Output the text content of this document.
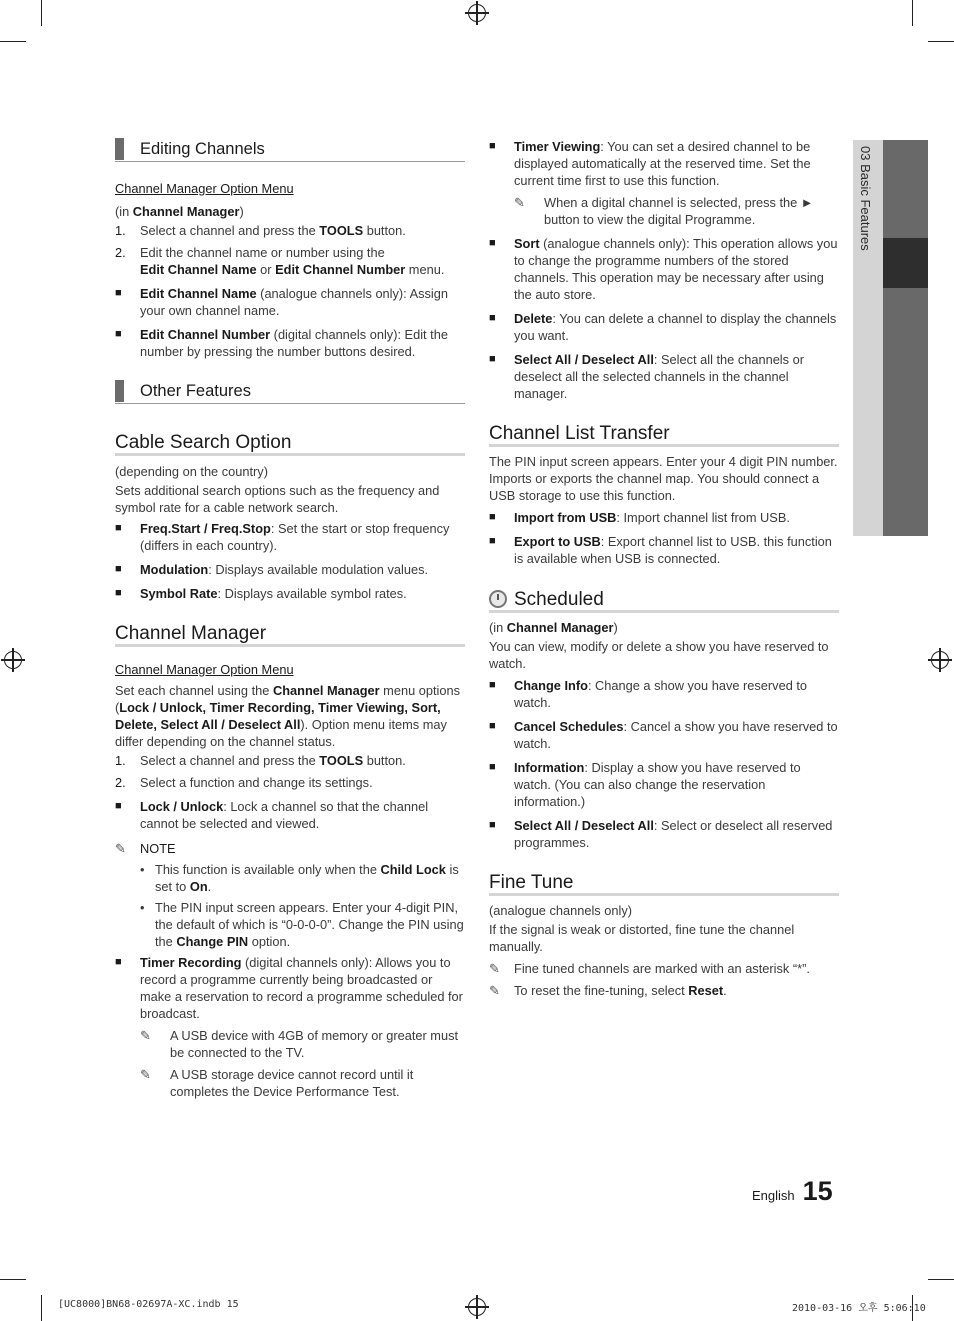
Editing Channels

Channel Manager Option Menu

(in Channel Manager)

1.	Select a channel and press the TOOLS button.
2.	Edit the channel name or number using the
Edit Channel Name or Edit Channel Number menu.
■	Edit Channel Name (analogue channels only): Assign your own channel name.
■	Edit Channel Number (digital channels only): Edit the number by pressing the number buttons desired.
Other Features
Cable Search Option

(depending on the country)

Sets additional search options such as the frequency and symbol rate for a cable network search.

■	Freq.Start / Freq.Stop: Set the start or stop frequency (differs in each country).
■	Modulation: Displays available modulation values.
■	Symbol Rate: Displays available symbol rates.
Channel Manager

Channel Manager Option Menu

Set each channel using the Channel Manager menu options (Lock / Unlock, Timer Recording, Timer Viewing, Sort, Delete, Select All / Deselect All). Option menu items may differ depending on the channel status.

1.	Select a channel and press the TOOLS button.
2.	Select a function and change its settings.
■	Lock / Unlock: Lock a channel so that the channel cannot be selected and viewed.
✎	NOTE
• This function is available only when the Child Lock is set to On.
• The PIN input screen appears. Enter your 4-digit PIN, the default of which is “0-0-0-0”. Change the PIN using the Change PIN option.
■	Timer Recording (digital channels only): Allows you to record a programme currently being broadcasted or make a reservation to record a programme scheduled for broadcast.
✎	A USB device with 4GB of memory or greater must be connected to the TV.
✎	A USB storage device cannot record until it completes the Device Performance Test.
■	Timer Viewing: You can set a desired channel to be displayed automatically at the reserved time. Set the current time first to use this function.
✎	When a digital channel is selected, press the ► button to view the digital Programme.
■	Sort (analogue channels only): This operation allows you to change the programme numbers of the stored channels. This operation may be necessary after using the auto store.
■	Delete: You can delete a channel to display the channels you want.
■	Select All / Deselect All: Select all the channels or deselect all the selected channels in the channel manager.
Channel List Transfer

The PIN input screen appears. Enter your 4 digit PIN number. Imports or exports the channel map. You should connect a USB storage to use this function.

■	Import from USB: Import channel list from USB.
■	Export to USB: Export channel list to USB. this function is available when USB is connected.
Scheduled

(in Channel Manager)

You can view, modify or delete a show you have reserved to watch.

■	Change Info: Change a show you have reserved to watch.
■	Cancel Schedules: Cancel a show you have reserved to watch.
■	Information: Display a show you have reserved to watch. (You can also change the reservation information.)
■	Select All / Deselect All: Select or deselect all reserved programmes.
Fine Tune

(analogue channels only)

If the signal is weak or distorted, fine tune the channel manually.

✎	Fine tuned channels are marked with an asterisk “*”.
✎	To reset the fine-tuning, select Reset.
03 Basic Features
English 15
[UC8000]BN68-02697A-XC.indb 15	2010-03-16 오후 5:06:10
